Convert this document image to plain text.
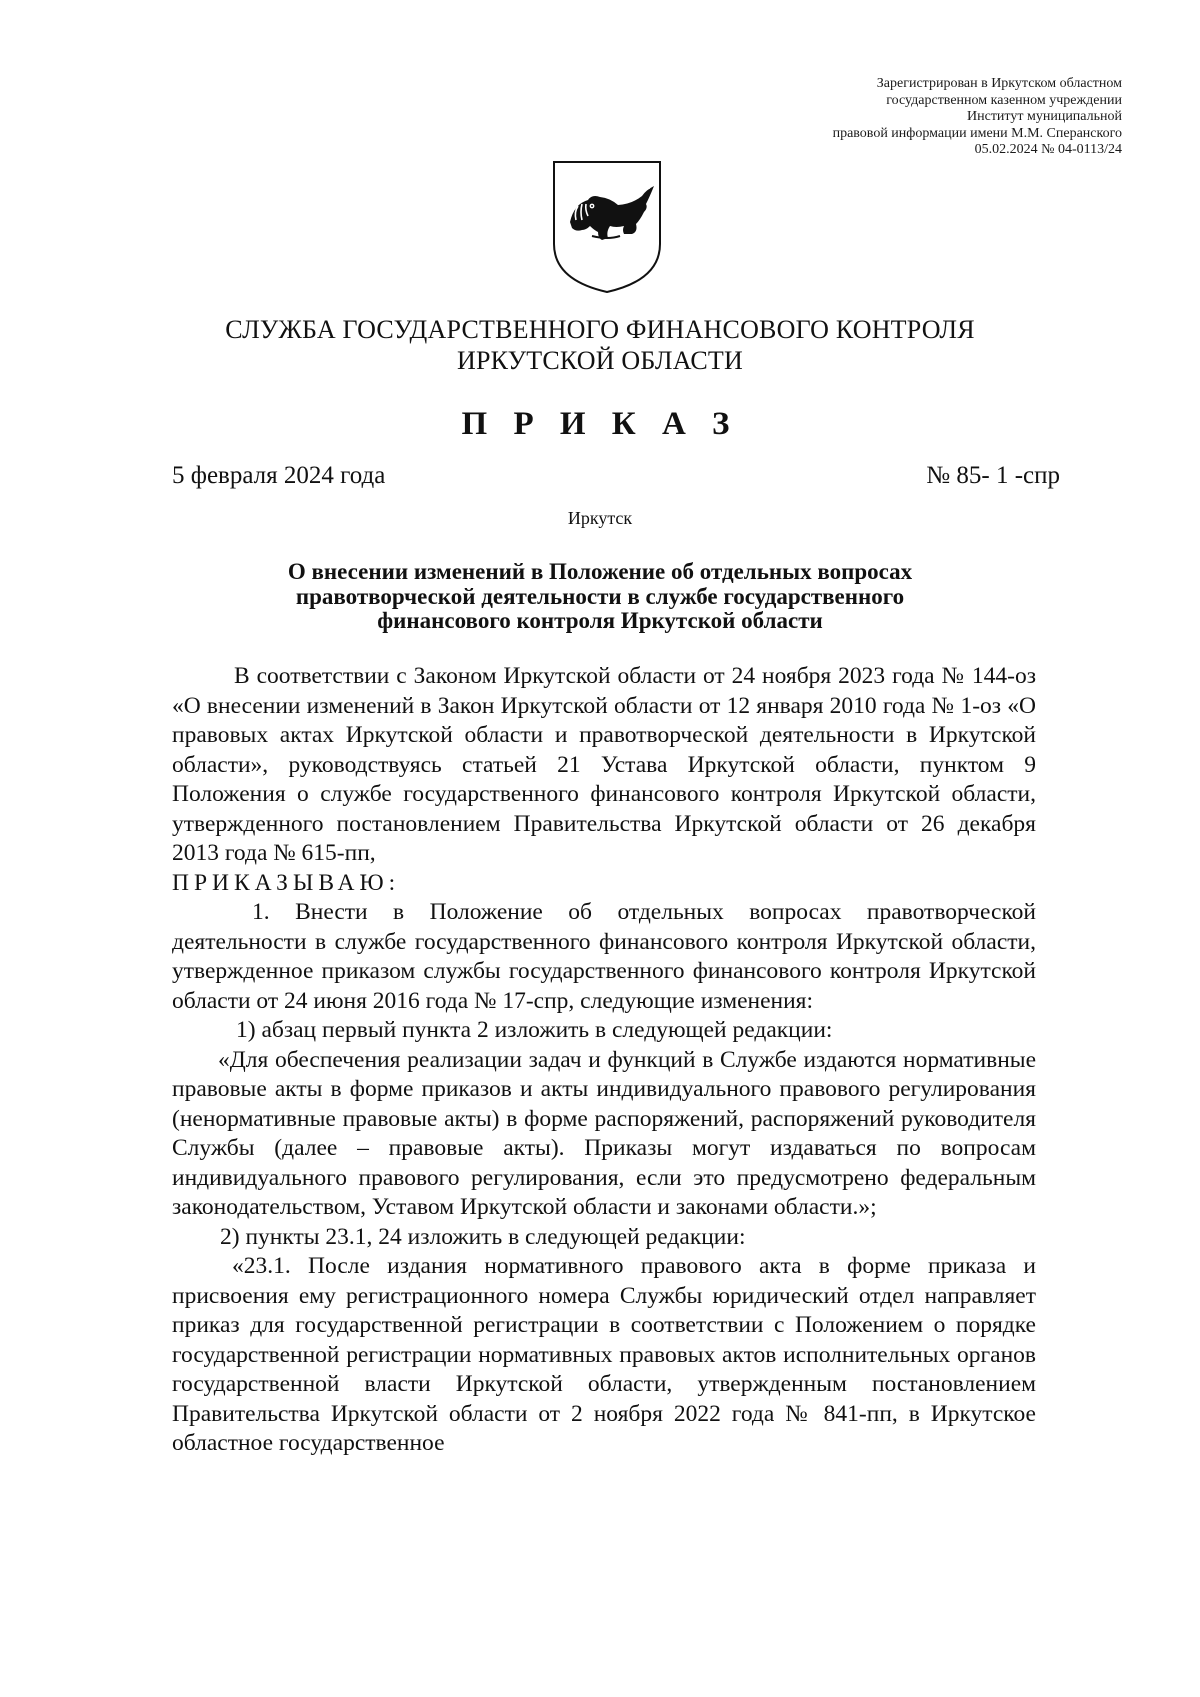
Зарегистрирован в Иркутском областном
государственном казенном учреждении
Институт муниципальной
правовой информации имени М.М. Сперанского
05.02.2024 № 04-0113/24
СЛУЖБА ГОСУДАРСТВЕННОГО ФИНАНСОВОГО КОНТРОЛЯ
ИРКУТСКОЙ ОБЛАСТИ
П Р И К А З
5 февраля 2024 года	№ 85- 1 -спр
Иркутск
О внесении изменений в Положение об отдельных вопросах
правотворческой деятельности в службе государственного
финансового контроля Иркутской области

В соответствии с Законом Иркутской области от 24 ноября 2023 года № 144-оз «О внесении изменений в Закон Иркутской области от 12 января 2010 года № 1-оз «О правовых актах Иркутской области и правотворческой деятельности в Иркутской области», руководствуясь статьей 21 Устава Иркутской области, пунктом 9 Положения о службе государственного финансового контроля Иркутской области, утвержденного постановлением Правительства Иркутской области от 26 декабря 2013 года № 615-пп,

ПРИКАЗЫВАЮ:

1. Внести в Положение об отдельных вопросах правотворческой деятельности в службе государственного финансового контроля Иркутской области, утвержденное приказом службы государственного финансового контроля Иркутской области от 24 июня 2016 года № 17-спр, следующие изменения:

1) абзац первый пункта 2 изложить в следующей редакции:

«Для обеспечения реализации задач и функций в Службе издаются нормативные правовые акты в форме приказов и акты индивидуального правового регулирования (ненормативные правовые акты) в форме распоряжений, распоряжений руководителя Службы (далее – правовые акты). Приказы могут издаваться по вопросам индивидуального правового регулирования, если это предусмотрено федеральным законодательством, Уставом Иркутской области и законами области.»;

2) пункты 23.1, 24 изложить в следующей редакции:

«23.1. После издания нормативного правового акта в форме приказа и присвоения ему регистрационного номера Службы юридический отдел направляет приказ для государственной регистрации в соответствии с Положением о порядке государственной регистрации нормативных правовых актов исполнительных органов государственной власти Иркутской области, утвержденным постановлением Правительства Иркутской области от 2 ноября 2022 года № 841-пп, в Иркутское областное государственное
